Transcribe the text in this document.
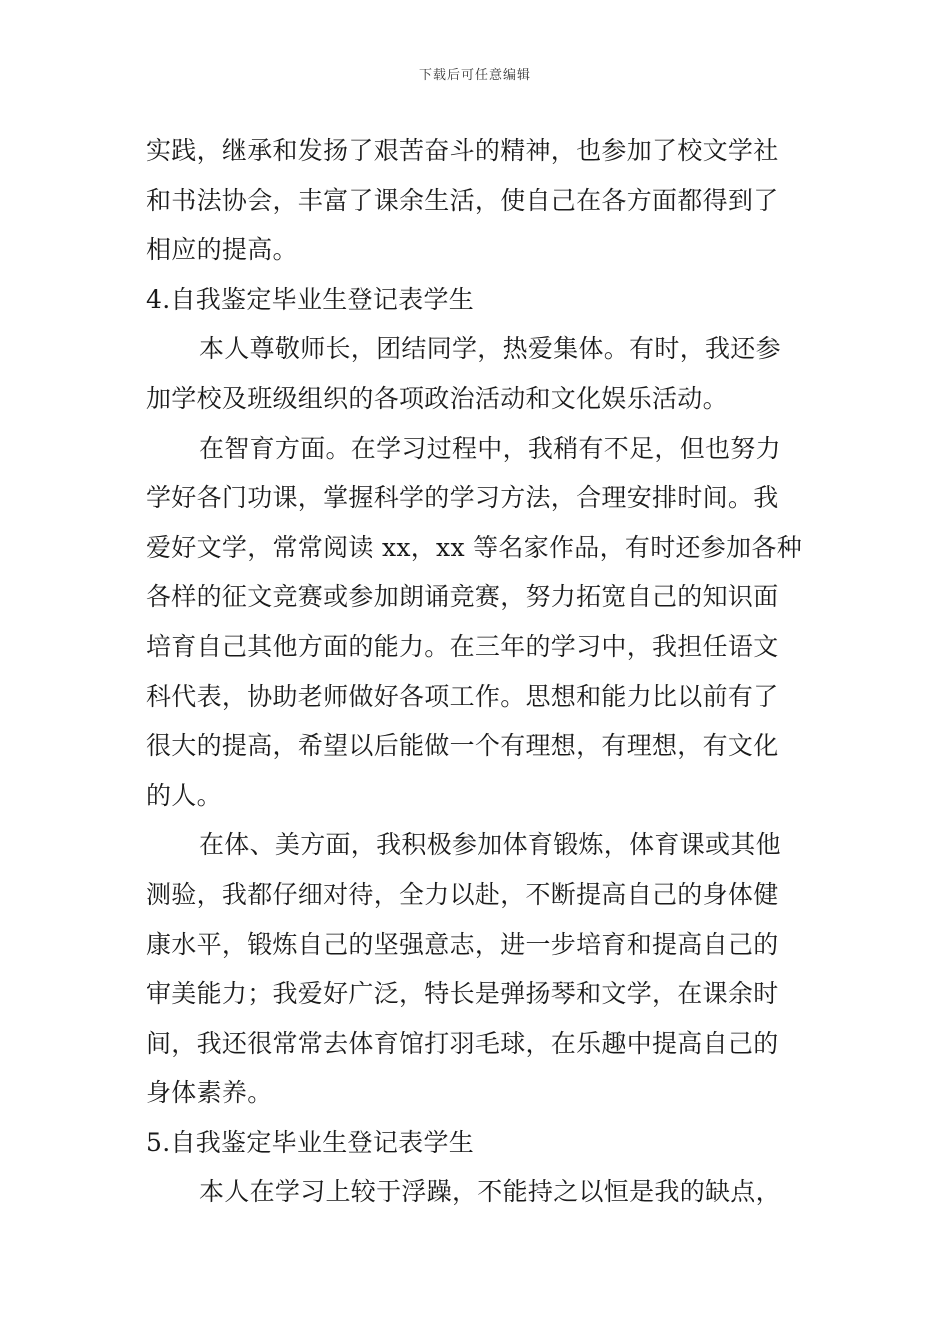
下载后可任意编辑
实践，继承和发扬了艰苦奋斗的精神，也参加了校文学社
和书法协会，丰富了课余生活，使自己在各方面都得到了
相应的提高。
4.自我鉴定毕业生登记表学生
本人尊敬师长，团结同学，热爱集体。有时，我还参
加学校及班级组织的各项政治活动和文化娱乐活动。
在智育方面。在学习过程中，我稍有不足，但也努力
学好各门功课，掌握科学的学习方法，合理安排时间。我
爱好文学，常常阅读 xx，xx 等名家作品，有时还参加各种
各样的征文竞赛或参加朗诵竞赛，努力拓宽自己的知识面
培育自己其他方面的能力。在三年的学习中，我担任语文
科代表，协助老师做好各项工作。思想和能力比以前有了
很大的提高，希望以后能做一个有理想，有理想，有文化
的人。
在体、美方面，我积极参加体育锻炼，体育课或其他
测验，我都仔细对待，全力以赴，不断提高自己的身体健
康水平，锻炼自己的坚强意志，进一步培育和提高自己的
审美能力；我爱好广泛，特长是弹扬琴和文学，在课余时
间，我还很常常去体育馆打羽毛球，在乐趣中提高自己的
身体素养。
5.自我鉴定毕业生登记表学生
本人在学习上较于浮躁，不能持之以恒是我的缺点，
